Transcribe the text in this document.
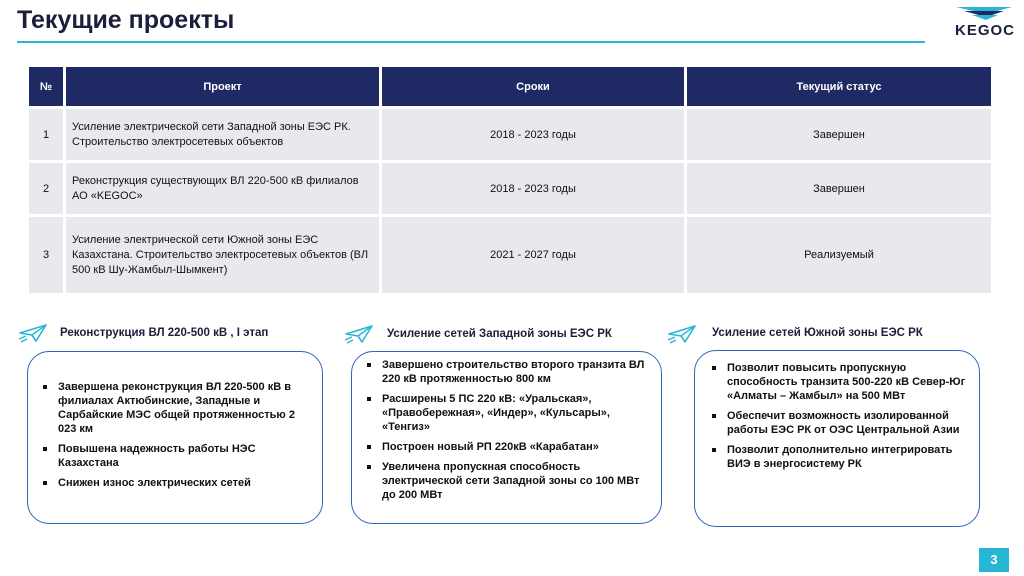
Текущие проекты	KEGOC
№	Проект	Сроки	Текущий статус
1	Усиление электрической сети Западной зоны ЕЭС РК. Строительство электросетевых объектов	2018 - 2023 годы	Завершен
2	Реконструкция существующих ВЛ 220-500 кВ филиалов АО «KEGOC»	2018 - 2023 годы	Завершен
3	Усиление электрической сети Южной зоны ЕЭС Казахстана. Строительство электросетевых объектов (ВЛ 500 кВ Шу-Жамбыл-Шымкент)	2021 - 2027 годы	Реализуемый
Реконструкция ВЛ 220-500 кВ , I этап
Завершена реконструкция ВЛ 220-500 кВ в филиалах Актюбинские, Западные и Сарбайские МЭС общей протяженностью 2 023 км
Повышена надежность работы НЭС Казахстана
Снижен износ электрических сетей
Усиление сетей Западной зоны ЕЭС РК
Завершено строительство второго транзита ВЛ 220 кВ протяженностью 800 км
Расширены 5 ПС 220 кВ: «Уральская», «Правобережная», «Индер», «Кульсары», «Тенгиз»
Построен новый РП 220кВ «Карабатан»
Увеличена пропускная способность электрической сети Западной зоны со 100 МВт до 200 МВт
Усиление сетей Южной зоны ЕЭС РК
Позволит повысить пропускную способность транзита 500-220 кВ Север-Юг «Алматы – Жамбыл» на 500 МВт
Обеспечит возможность изолированной работы ЕЭС РК от ОЭС Центральной Азии
Позволит дополнительно интегрировать ВИЭ в энергосистему РК
3
